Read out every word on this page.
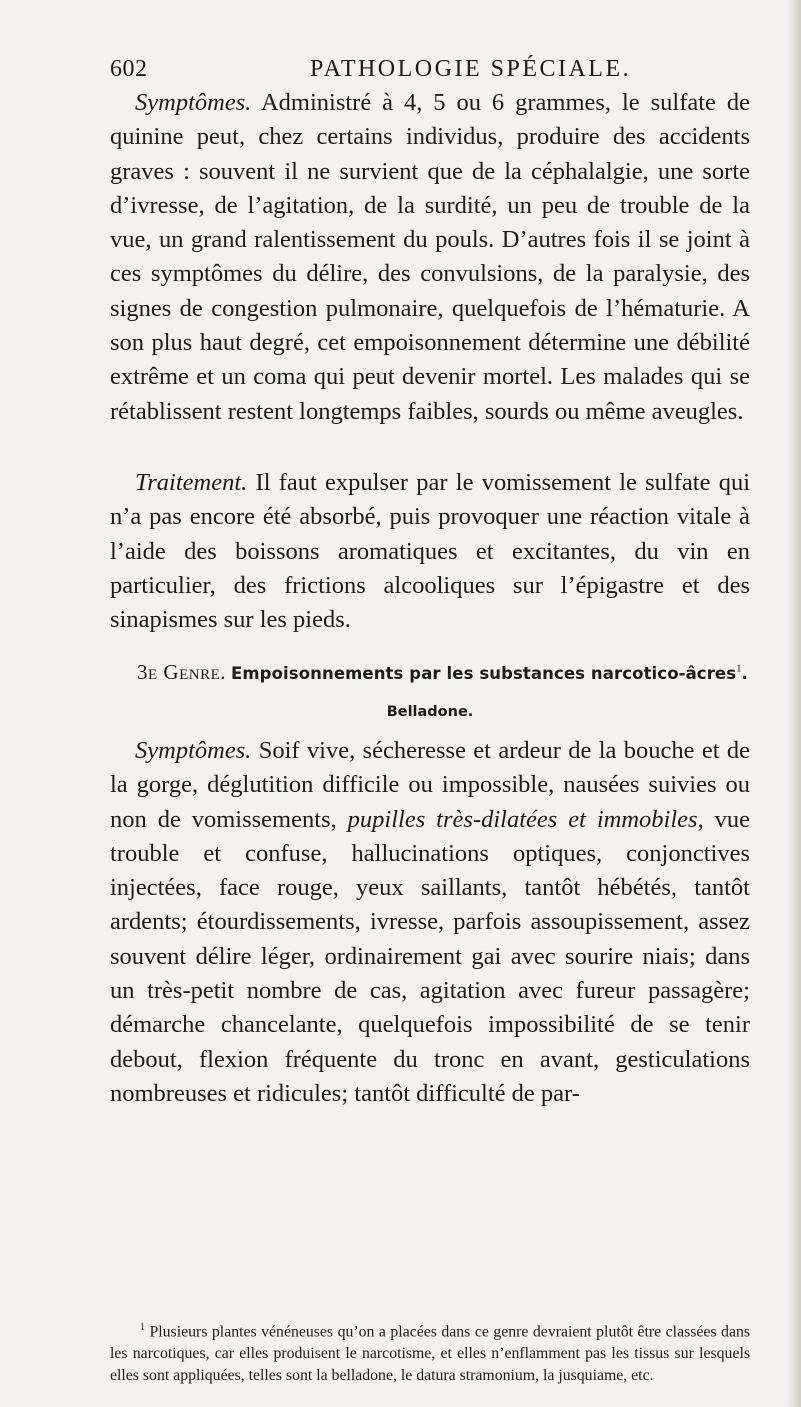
602	PATHOLOGIE SPÉCIALE.

Symptômes. Administré à 4, 5 ou 6 grammes, le sulfate de quinine peut, chez certains individus, produire des accidents graves : souvent il ne survient que de la céphalalgie, une sorte d’ivresse, de l’agitation, de la surdité, un peu de trouble de la vue, un grand ralentissement du pouls. D’autres fois il se joint à ces symptômes du délire, des convulsions, de la paralysie, des signes de congestion pulmonaire, quelquefois de l’hématurie. A son plus haut degré, cet empoisonnement détermine une débilité extrême et un coma qui peut devenir mortel. Les malades qui se rétablissent restent longtemps faibles, sourds ou même aveugles.

Traitement. Il faut expulser par le vomissement le sulfate qui n’a pas encore été absorbé, puis provoquer une réaction vitale à l’aide des boissons aromatiques et excitantes, du vin en particulier, des frictions alcooliques sur l’épigastre et des sinapismes sur les pieds.

3e Genre. Empoisonnements par les substances narcotico-âcres$^1$.
Belladone.

Symptômes. Soif vive, sécheresse et ardeur de la bouche et de la gorge, déglutition difficile ou impossible, nausées suivies ou non de vomissements, pupilles très-dilatées et immobiles, vue trouble et confuse, hallucinations optiques, conjonctives injectées, face rouge, yeux saillants, tantôt hébétés, tantôt ardents; étourdissements, ivresse, parfois assoupissement, assez souvent délire léger, ordinairement gai avec sourire niais; dans un très-petit nombre de cas, agitation avec fureur passagère; démarche chancelante, quelquefois impossibilité de se tenir debout, flexion fréquente du tronc en avant, gesticulations nombreuses et ridicules; tantôt difficulté de par-

$^1$ Plusieurs plantes vénéneuses qu’on a placées dans ce genre devraient plutôt être classées dans les narcotiques, car elles produisent le narcotisme, et elles n’enflamment pas les tissus sur lesquels elles sont appliquées, telles sont la belladone, le datura stramonium, la jusquiame, etc.
